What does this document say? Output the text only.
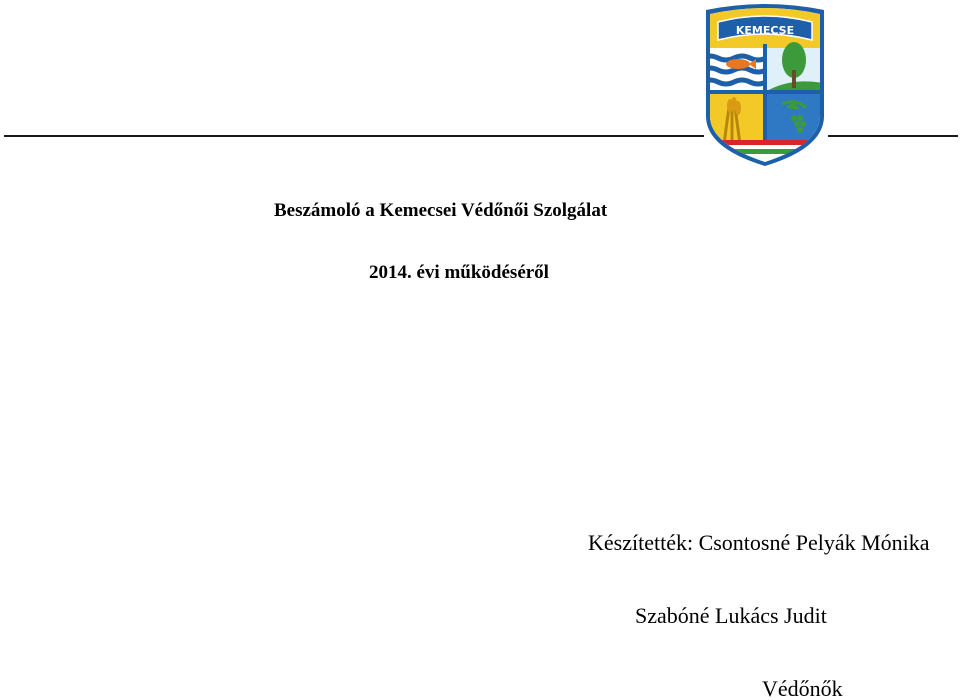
KEMECSE
Beszámoló a Kemecsei Védőnői Szolgálat
2014. évi működéséről
Készítették: Csontosné Pelyák Mónika
Szabóné Lukács Judit
Védőnők
